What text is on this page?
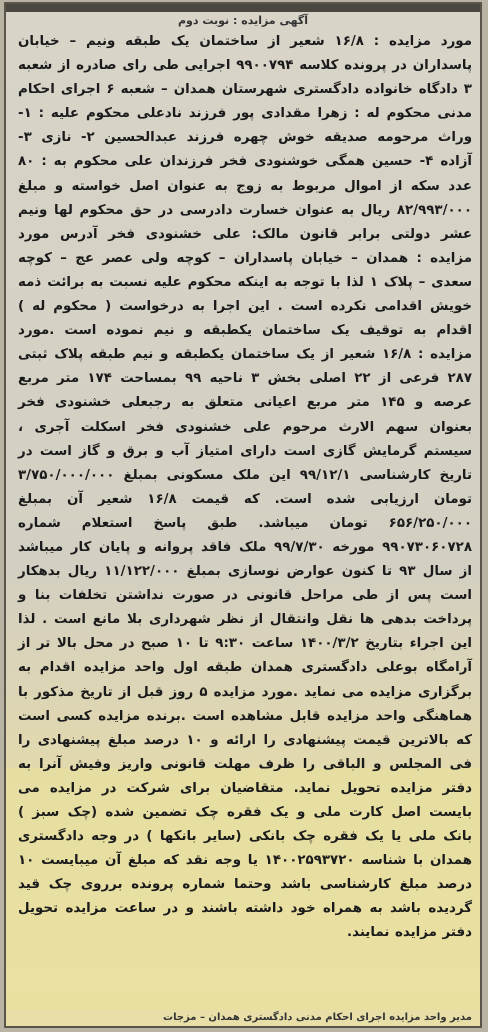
آگهی مزایده : نوبت دوم
مورد مزایده : ۱۶/۸ شعیر از ساختمان یک طبقه ونیم – خیابان پاسداران در پرونده کلاسه ۹۹۰۰۷۹۴ اجرایی طی رای صادره از شعبه ۳ دادگاه خانواده دادگستری شهرستان همدان – شعبه ۶ اجرای احکام مدنی محکوم له : زهرا مقدادی پور فرزند نادعلی محکوم علیه : ۱- وراث مرحومه صدیقه خوش چهره فرزند عبدالحسین ۲- نازی ۳- آزاده ۴- حسین همگی خوشنودی فخر فرزندان علی محکوم به : ۸۰ عدد سکه از اموال مربوط به زوج به عنوان اصل خواسته و مبلغ ۸۲/۹۹۳/۰۰۰ ریال به عنوان خسارت دادرسی در حق محکوم لها ونیم عشر دولتی برابر قانون مالک: علی خشنودی فخر آدرس مورد مزایده : همدان – خیابان پاسداران – کوچه ولی عصر عج – کوچه سعدی – پلاک ۱ لذا با توجه به اینکه محکوم علیه نسبت به برائت ذمه خویش اقدامی نکرده است . این اجرا به درخواست ( محکوم له ) اقدام به توقیف یک ساختمان یکطبقه و نیم نموده است .مورد مزایده : ۱۶/۸ شعیر از یک ساختمان یکطبقه و نیم طبقه پلاک ثبتی ۲۸۷ فرعی از ۲۲ اصلی بخش ۳ ناحیه ۹۹ بمساحت ۱۷۴ متر مربع عرصه و ۱۴۵ متر مربع اعیانی متعلق به رجبعلی خشنودی فخر بعنوان سهم الارث مرحوم علی خشنودی فخر اسکلت آجری ، سیستم گرمایش گازی است دارای امتیاز آب و برق و گاز است در تاریخ کارشناسی ۹۹/۱۲/۱ این ملک مسکونی بمبلغ ۳/۷۵۰/۰۰۰/۰۰۰ تومان ارزیابی شده است. که قیمت ۱۶/۸ شعیر آن بمبلغ ۶۵۶/۲۵۰/۰۰۰ تومان میباشد. طبق پاسخ استعلام شماره ۹۹۰۷۳۰۶۰۷۲۸ مورخه ۹۹/۷/۳۰ ملک فاقد پروانه و پایان کار میباشد از سال ۹۳ تا کنون عوارض نوسازی بمبلغ ۱۱/۱۲۲/۰۰۰ ریال بدهکار است پس از طی مراحل قانونی در صورت نداشتن تخلفات بنا و پرداخت بدهی ها نقل وانتقال از نظر شهرداری بلا مانع است . لذا این اجراء بتاریخ ۱۴۰۰/۳/۲ ساعت ۹:۳۰ تا ۱۰ صبح در محل بالا تر از آرامگاه بوعلی دادگستری همدان طبقه اول واحد مزایده اقدام به برگزاری مزایده می نماید .مورد مزایده ۵ روز قبل از تاریخ مذکور با هماهنگی واحد مزایده قابل مشاهده است .برنده مزایده کسی است که بالاترین قیمت پیشنهادی را ارائه و ۱۰ درصد مبلغ پیشنهادی را فی المجلس و الباقی را ظرف مهلت قانونی واریز وفیش آنرا به دفتر مزایده تحویل نماید. متقاضیان برای شرکت در مزایده می بایست اصل کارت ملی و یک فقره چک تضمین شده (چک سبز ) بانک ملی یا یک فقره چک بانکی (سایر بانکها ) در وجه دادگستری همدان با شناسه ۱۴۰۰۲۵۹۳۷۲۰ یا وجه نقد که مبلغ آن میبایست ۱۰ درصد مبلغ کارشناسی باشد وحتما شماره پرونده برروی چک قید گردیده باشد به همراه خود داشته باشند و در ساعت مزایده تحویل دفتر مزایده نمایند.
مدیر واحد مزایده اجرای احکام مدنی دادگستری همدان – مزجات
